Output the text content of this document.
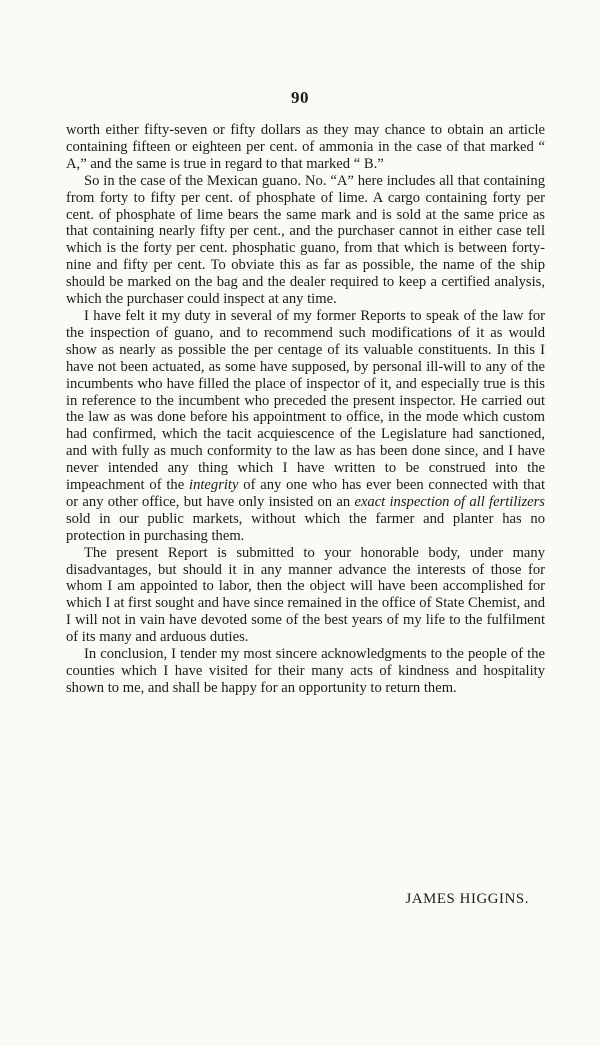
90

worth either fifty-seven or fifty dollars as they may chance to obtain an article containing fifteen or eighteen per cent. of ammonia in the case of that marked “ A,” and the same is true in regard to that marked “ B.”

So in the case of the Mexican guano. No. “A” here includes all that containing from forty to fifty per cent. of phosphate of lime. A cargo containing forty per cent. of phosphate of lime bears the same mark and is sold at the same price as that containing nearly fifty per cent., and the purchaser cannot in either case tell which is the forty per cent. phosphatic guano, from that which is between forty-nine and fifty per cent. To obviate this as far as possible, the name of the ship should be marked on the bag and the dealer required to keep a certified analysis, which the purchaser could inspect at any time.

I have felt it my duty in several of my former Reports to speak of the law for the inspection of guano, and to recommend such modifications of it as would show as nearly as possible the per centage of its valuable constituents. In this I have not been actuated, as some have supposed, by personal ill-will to any of the incumbents who have filled the place of inspector of it, and especially true is this in reference to the incumbent who preceded the present inspector. He carried out the law as was done before his appointment to office, in the mode which custom had confirmed, which the tacit acquiescence of the Legislature had sanctioned, and with fully as much conformity to the law as has been done since, and I have never intended any thing which I have written to be construed into the impeachment of the integrity of any one who has ever been connected with that or any other office, but have only insisted on an exact inspection of all fertilizers sold in our public markets, without which the farmer and planter has no protection in purchasing them.

The present Report is submitted to your honorable body, under many disadvantages, but should it in any manner advance the interests of those for whom I am appointed to labor, then the object will have been accomplished for which I at first sought and have since remained in the office of State Chemist, and I will not in vain have devoted some of the best years of my life to the fulfilment of its many and arduous duties.

In conclusion, I tender my most sincere acknowledgments to the people of the counties which I have visited for their many acts of kindness and hospitality shown to me, and shall be happy for an opportunity to return them.

JAMES HIGGINS.
